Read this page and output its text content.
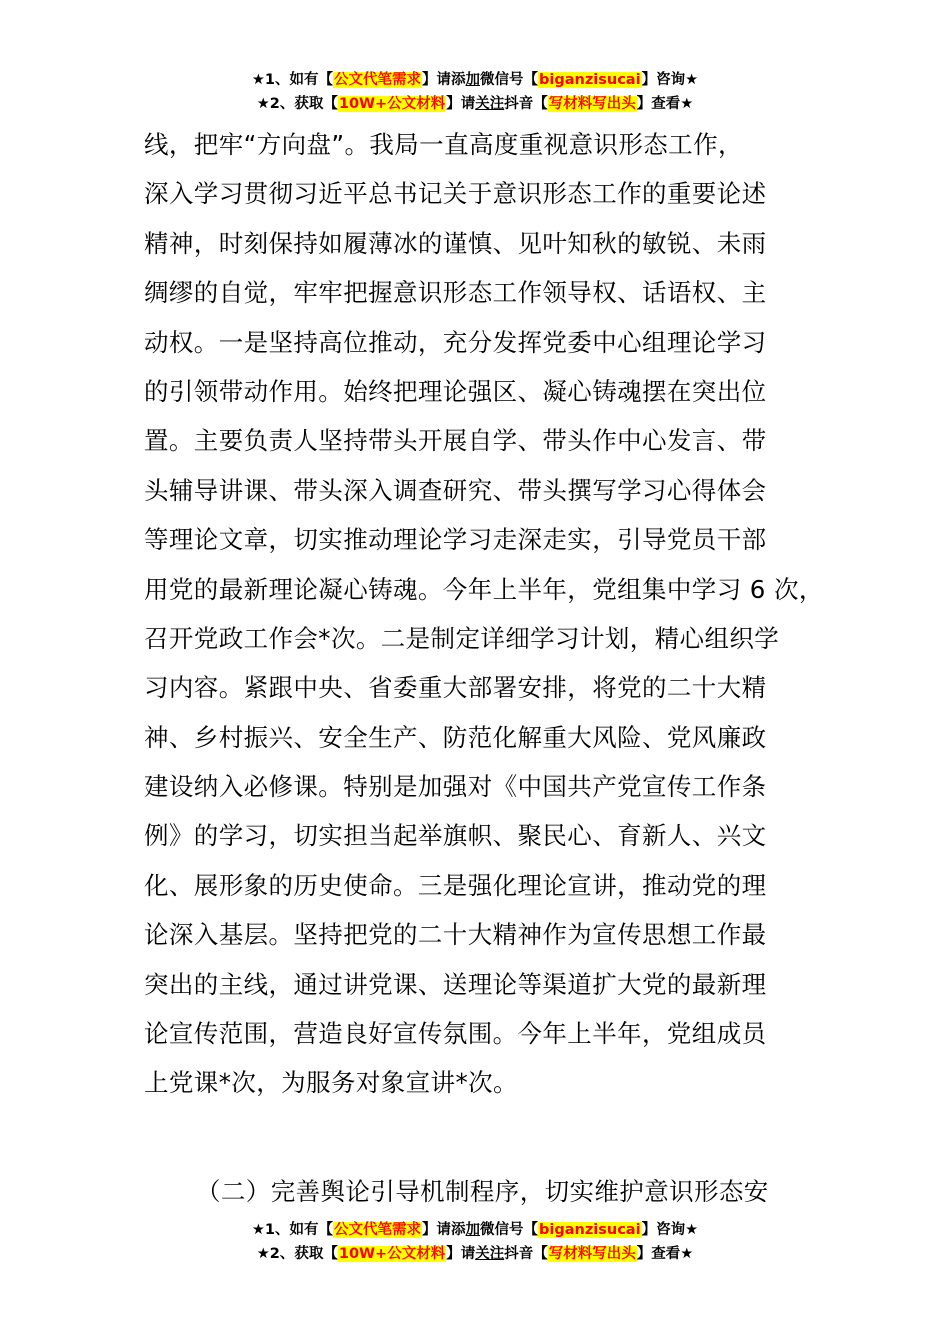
★1、如有【公文代笔需求】请添加微信号【biganzisucai】咨询★
★2、获取【10W+公文材料】请关注抖音【写材料写出头】查看★
线，把牢“方向盘”。我局一直高度重视意识形态工作，
深入学习贯彻习近平总书记关于意识形态工作的重要论述
精神，时刻保持如履薄冰的谨慎、见叶知秋的敏锐、未雨
绸缪的自觉，牢牢把握意识形态工作领导权、话语权、主
动权。一是坚持高位推动，充分发挥党委中心组理论学习
的引领带动作用。始终把理论强区、凝心铸魂摆在突出位
置。主要负责人坚持带头开展自学、带头作中心发言、带
头辅导讲课、带头深入调查研究、带头撰写学习心得体会
等理论文章，切实推动理论学习走深走实，引导党员干部
用党的最新理论凝心铸魂。今年上半年，党组集中学习 6 次，
召开党政工作会*次。二是制定详细学习计划，精心组织学
习内容。紧跟中央、省委重大部署安排，将党的二十大精
神、乡村振兴、安全生产、防范化解重大风险、党风廉政
建设纳入必修课。特别是加强对《中国共产党宣传工作条
例》的学习，切实担当起举旗帜、聚民心、育新人、兴文
化、展形象的历史使命。三是强化理论宣讲，推动党的理
论深入基层。坚持把党的二十大精神作为宣传思想工作最
突出的主线，通过讲党课、送理论等渠道扩大党的最新理
论宣传范围，营造良好宣传氛围。今年上半年，党组成员
上党课*次，为服务对象宣讲*次。
（二）完善舆论引导机制程序，切实维护意识形态安
★1、如有【公文代笔需求】请添加微信号【biganzisucai】咨询★
★2、获取【10W+公文材料】请关注抖音【写材料写出头】查看★
